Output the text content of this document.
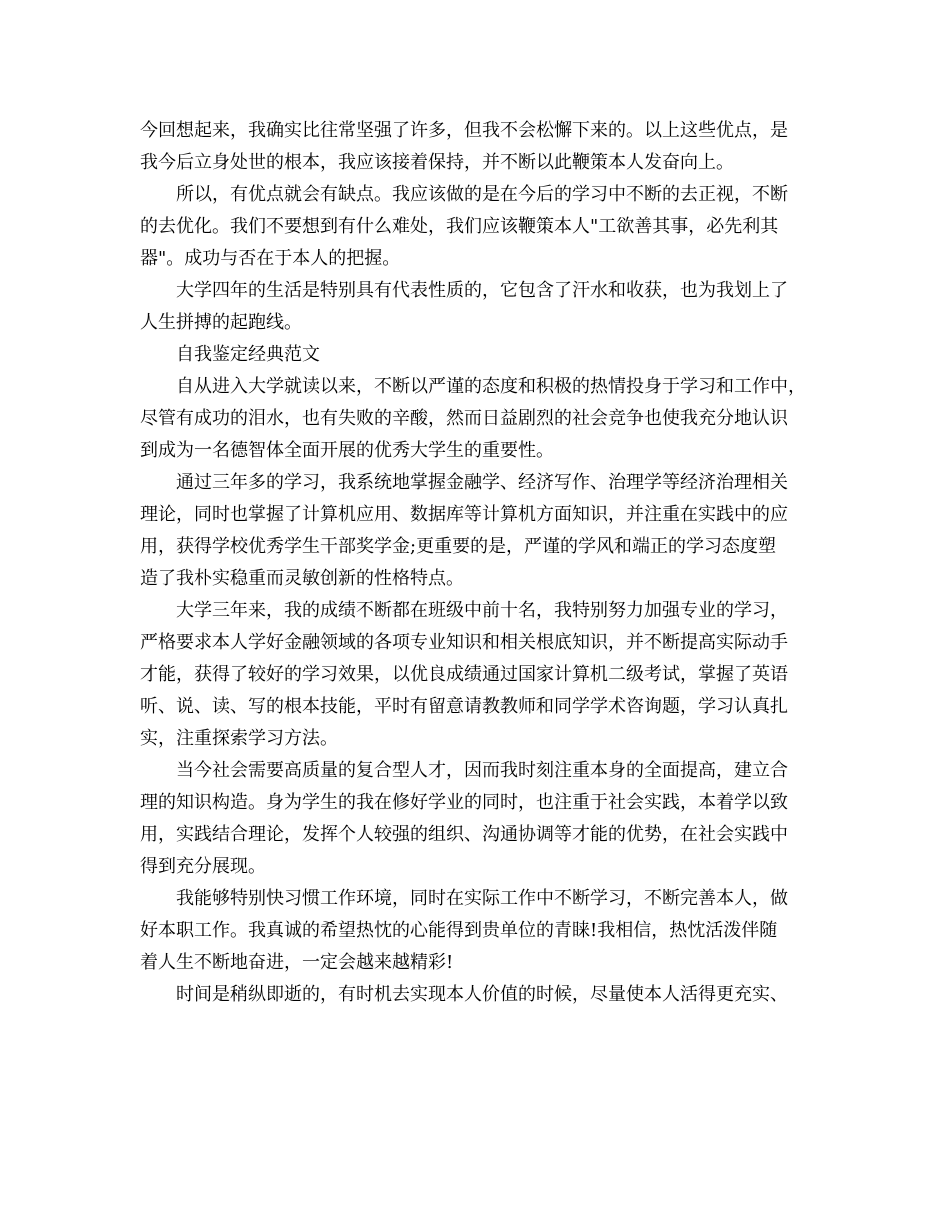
今回想起来，我确实比往常坚强了许多，但我不会松懈下来的。以上这些优点，是
我今后立身处世的根本，我应该接着保持，并不断以此鞭策本人发奋向上。
所以，有优点就会有缺点。我应该做的是在今后的学习中不断的去正视，不断
的去优化。我们不要想到有什么难处，我们应该鞭策本人"工欲善其事，必先利其
器"。成功与否在于本人的把握。
大学四年的生活是特别具有代表性质的，它包含了汗水和收获，也为我划上了
人生拼搏的起跑线。
自我鉴定经典范文
自从进入大学就读以来，不断以严谨的态度和积极的热情投身于学习和工作中，
尽管有成功的泪水，也有失败的辛酸，然而日益剧烈的社会竞争也使我充分地认识
到成为一名德智体全面开展的优秀大学生的重要性。
通过三年多的学习，我系统地掌握金融学、经济写作、治理学等经济治理相关
理论，同时也掌握了计算机应用、数据库等计算机方面知识，并注重在实践中的应
用，获得学校优秀学生干部奖学金;更重要的是，严谨的学风和端正的学习态度塑
造了我朴实稳重而灵敏创新的性格特点。
大学三年来，我的成绩不断都在班级中前十名，我特别努力加强专业的学习，
严格要求本人学好金融领域的各项专业知识和相关根底知识，并不断提高实际动手
才能，获得了较好的学习效果，以优良成绩通过国家计算机二级考试，掌握了英语
听、说、读、写的根本技能，平时有留意请教教师和同学学术咨询题，学习认真扎
实，注重探索学习方法。
当今社会需要高质量的复合型人才，因而我时刻注重本身的全面提高，建立合
理的知识构造。身为学生的我在修好学业的同时，也注重于社会实践，本着学以致
用，实践结合理论，发挥个人较强的组织、沟通协调等才能的优势，在社会实践中
得到充分展现。
我能够特别快习惯工作环境，同时在实际工作中不断学习，不断完善本人，做
好本职工作。我真诚的希望热忱的心能得到贵单位的青睐!我相信，热忱活泼伴随
着人生不断地奋进，一定会越来越精彩!
时间是稍纵即逝的，有时机去实现本人价值的时候，尽量使本人活得更充实、
